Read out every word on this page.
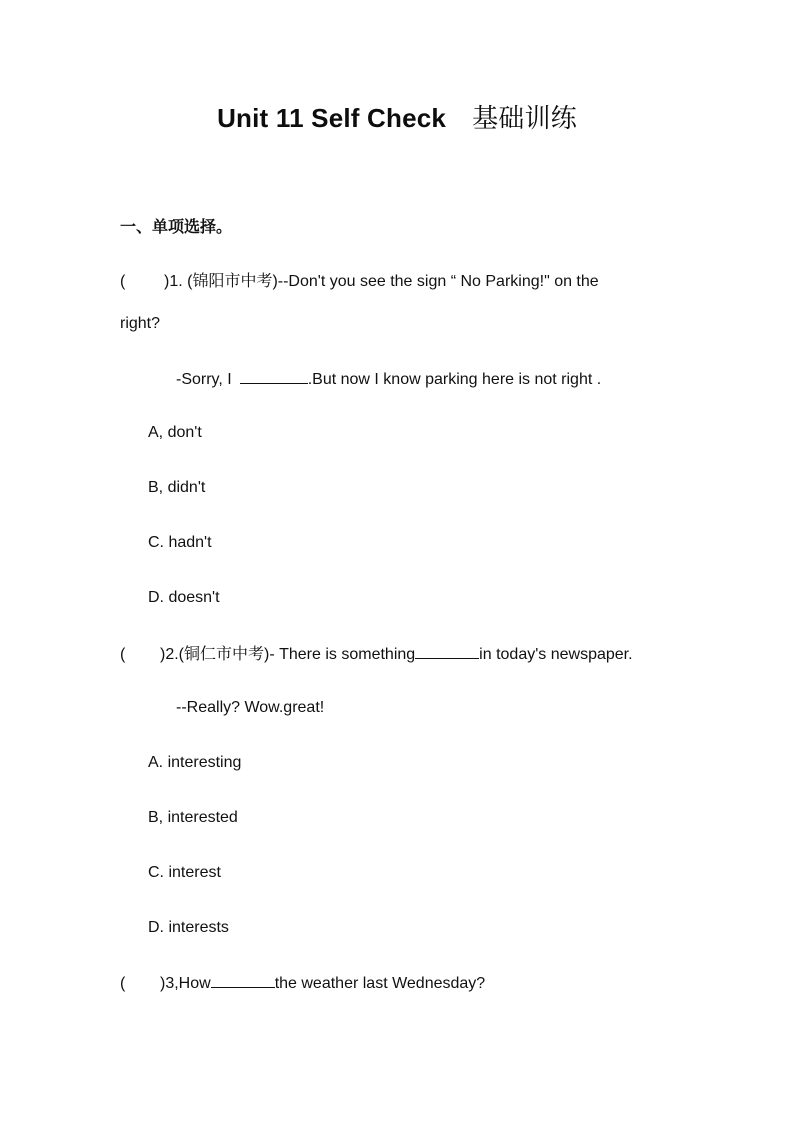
Unit 11 Self Check 基础训练
一、单项选择。
( )1. (锦阳市中考)--Don't you see the sign “ No Parking!" on the
right?
-Sorry, I	.But now I know parking here is not right .
A, don't
B, didn't
C. hadn't
D. doesn't
( )2.(铜仁市中考)- There is something	in today's newspaper.
--Really? Wow.great!
A. interesting
B, interested
C. interest
D. interests
( )3,How	the weather last Wednesday?
